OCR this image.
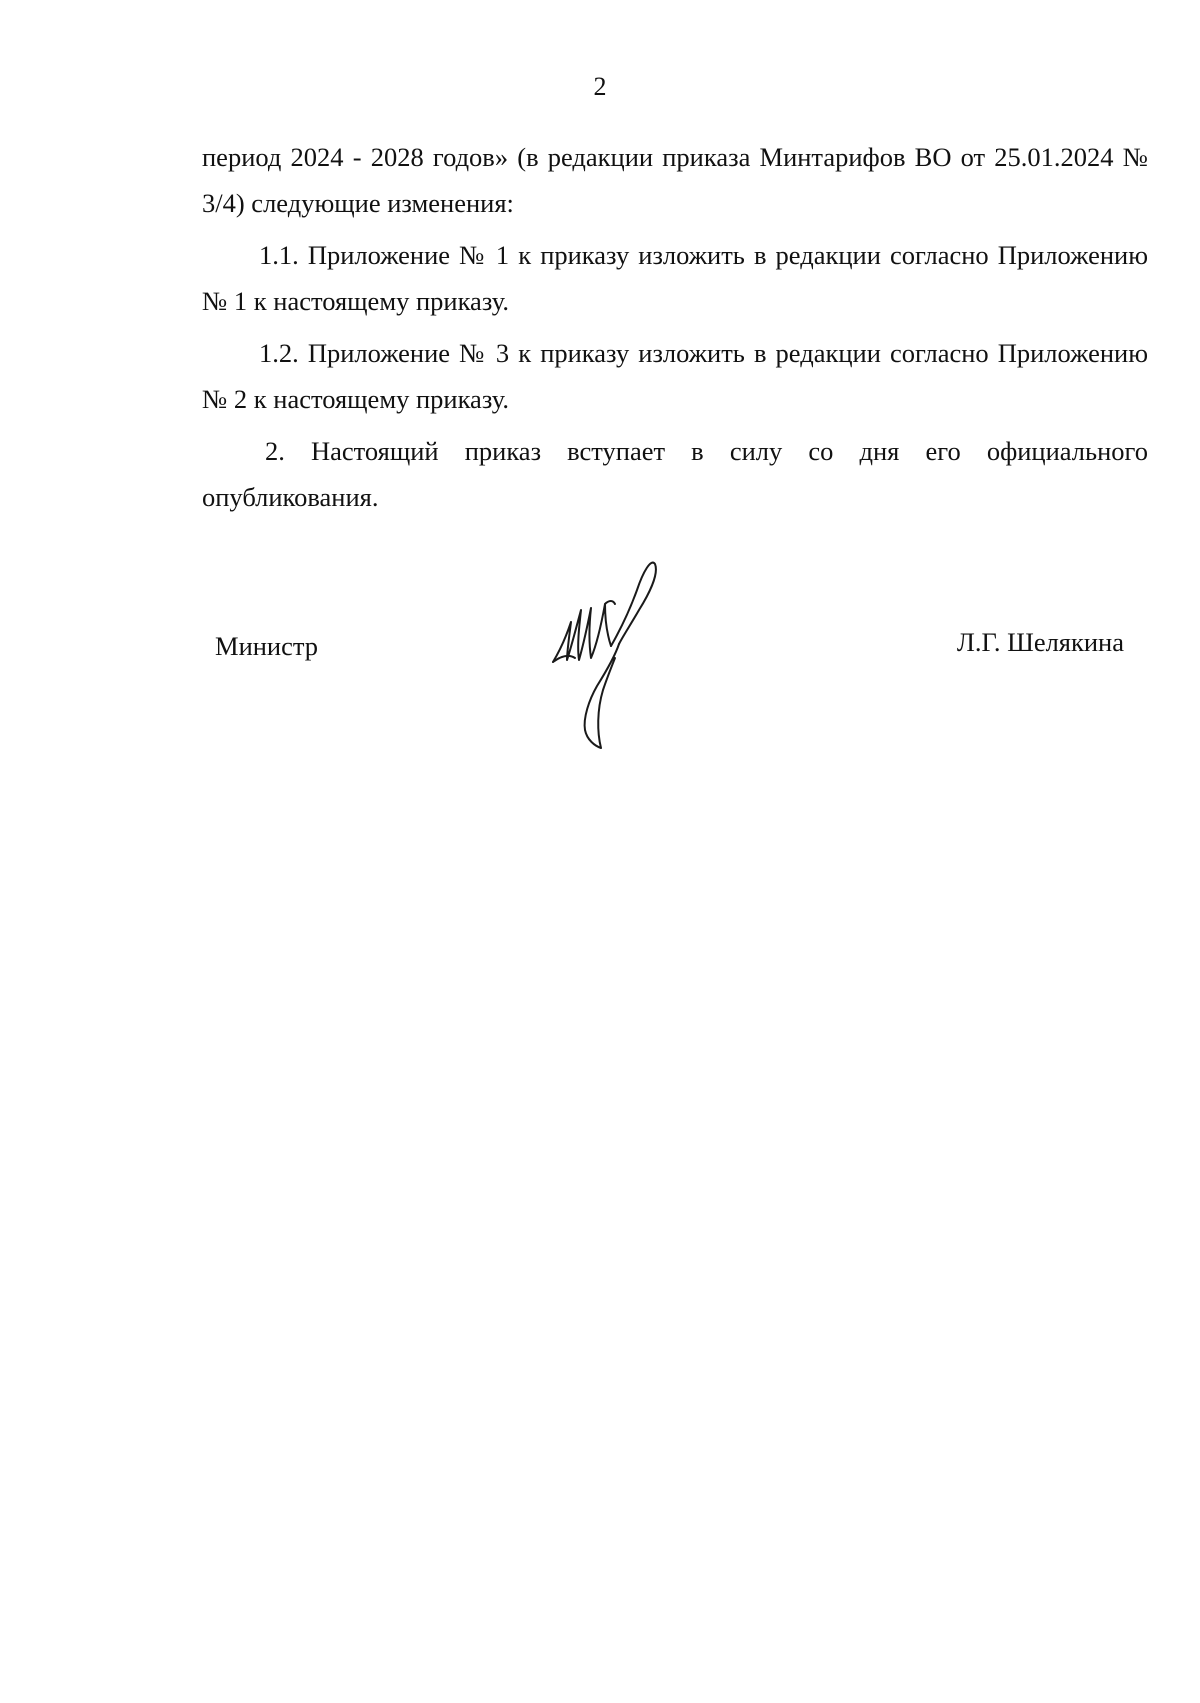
2

период 2024 - 2028 годов» (в редакции приказа Минтарифов ВО от 25.01.2024 № 3/4) следующие изменения:

1.1. Приложение № 1 к приказу изложить в редакции согласно Приложению № 1 к настоящему приказу.

1.2. Приложение № 3 к приказу изложить в редакции согласно Приложению № 2 к настоящему приказу.

2. Настоящий приказ вступает в силу со дня его официального опубликования.

Министр	Л.Г. Шелякина
